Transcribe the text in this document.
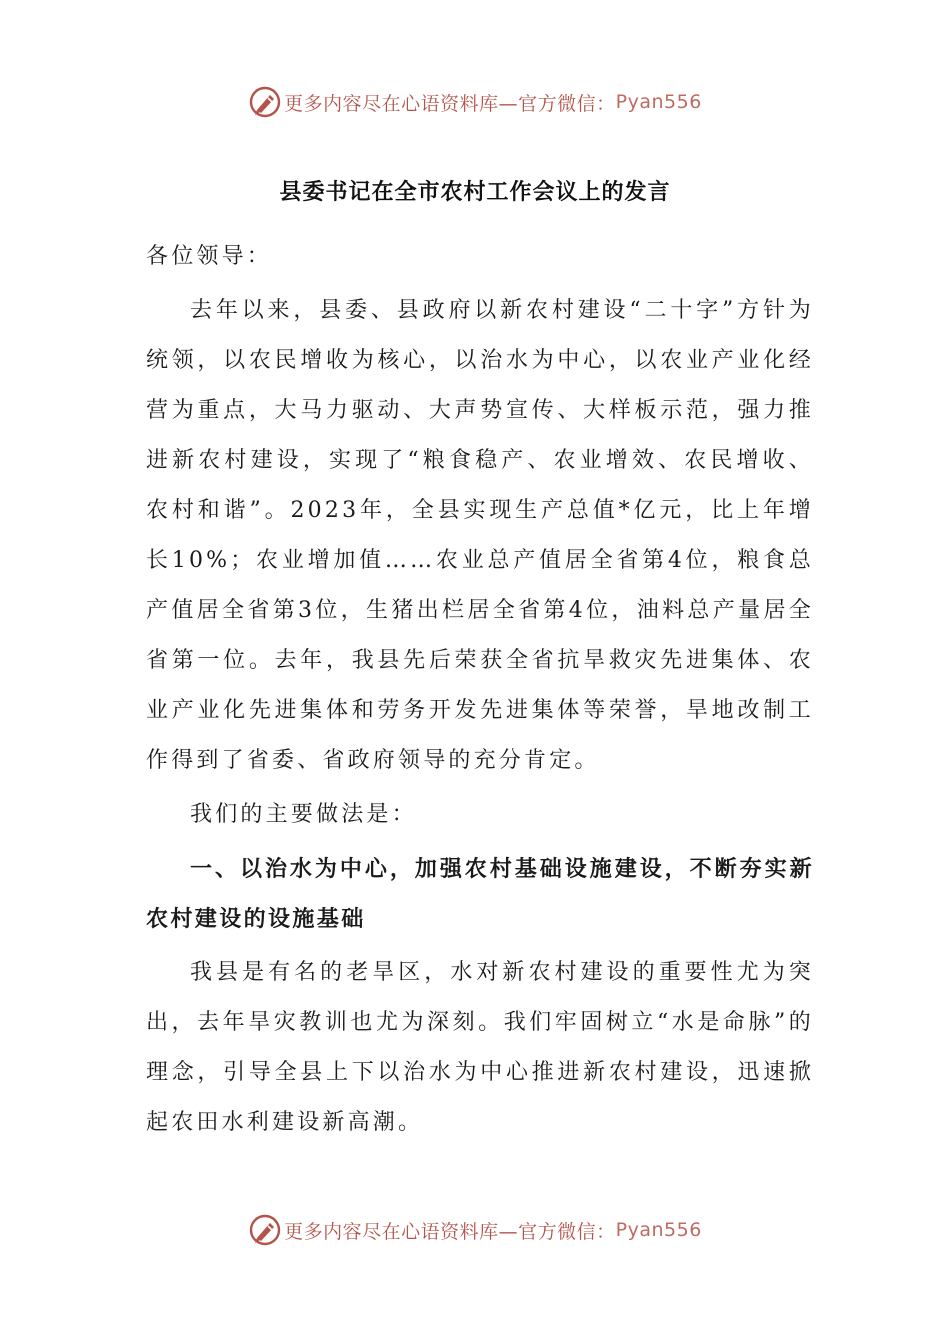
更多内容尽在心语资料库—官方微信： Pyan556
县委书记在全市农村工作会议上的发言

各位领导：

去年以来，县委、县政府以新农村建设“二十字”方针为统领，以农民增收为核心，以治水为中心，以农业产业化经营为重点，大马力驱动、大声势宣传、大样板示范，强力推进新农村建设，实现了“粮食稳产、农业增效、农民增收、农村和谐”。2023年，全县实现生产总值*亿元，比上年增长10%；农业增加值……农业总产值居全省第4位，粮食总产值居全省第3位，生猪出栏居全省第4位，油料总产量居全省第一位。去年，我县先后荣获全省抗旱救灾先进集体、农业产业化先进集体和劳务开发先进集体等荣誉，旱地改制工作得到了省委、省政府领导的充分肯定。

我们的主要做法是：

一、以治水为中心，加强农村基础设施建设，不断夯实新农村建设的设施基础

我县是有名的老旱区，水对新农村建设的重要性尤为突出，去年旱灾教训也尤为深刻。我们牢固树立“水是命脉”的理念，引导全县上下以治水为中心推进新农村建设，迅速掀起农田水利建设新高潮。

更多内容尽在心语资料库—官方微信： Pyan556
